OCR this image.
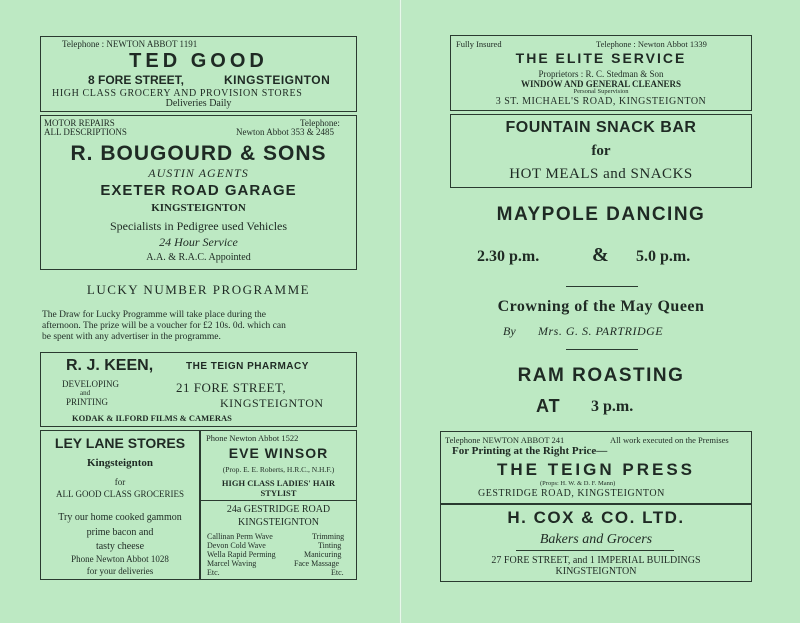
Telephone : NEWTON ABBOT 1191
TED GOOD
8 FORE STREET,	KINGSTEIGNTON
HIGH CLASS GROCERY AND PROVISION STORES
Deliveries Daily
MOTOR REPAIRS
ALL DESCRIPTIONS
Telephone:
Newton Abbot 353 & 2485
R. BOUGOURD & SONS
AUSTIN AGENTS
EXETER ROAD GARAGE
KINGSTEIGNTON
Specialists in Pedigree used Vehicles
24 Hour Service
A.A. & R.A.C. Appointed
LUCKY NUMBER PROGRAMME
The Draw for Lucky Programme will take place during the
afternoon. The prize will be a voucher for £2 10s. 0d. which can
be spent with any advertiser in the programme.
R. J. KEEN,	THE TEIGN PHARMACY
DEVELOPING
and
PRINTING
21 FORE STREET,
KINGSTEIGNTON
KODAK & ILFORD FILMS & CAMERAS
LEY LANE STORES
Kingsteignton
for
ALL GOOD CLASS GROCERIES
Try our home cooked gammon
prime bacon and
tasty cheese
Phone Newton Abbot 1028
for your deliveries
Phone Newton Abbot 1522
EVE WINSOR
(Prop. E. E. Roberts, H.R.C., N.H.F.)
HIGH CLASS LADIES' HAIR
STYLIST
24a GESTRIDGE ROAD
KINGSTEIGNTON
Callinan Perm Wave	Trimming
Devon Cold Wave	Tinting
Wella Rapid Perming	Manicuring
Marcel Waving	Face Massage
Etc.	Etc.
Fully Insured	Telephone : Newton Abbot 1339
THE ELITE SERVICE
Proprietors : R. C. Stedman & Son
WINDOW AND GENERAL CLEANERS
Personal Supervision
3 ST. MICHAEL'S ROAD, KINGSTEIGNTON
FOUNTAIN SNACK BAR
for
HOT MEALS and SNACKS
MAYPOLE DANCING
2.30 p.m.	& 5.0 p.m.
Crowning of the May Queen
By Mrs. G. S. PARTRIDGE
RAM ROASTING
AT 3 p.m.
Telephone NEWTON ABBOT 241	All work executed on the Premises
For Printing at the Right Price—
THE TEIGN PRESS
(Props: H. W. & D. F. Mann)
GESTRIDGE ROAD, KINGSTEIGNTON
H. COX & CO. LTD.
Bakers and Grocers
27 FORE STREET, and 1 IMPERIAL BUILDINGS
KINGSTEIGNTON
